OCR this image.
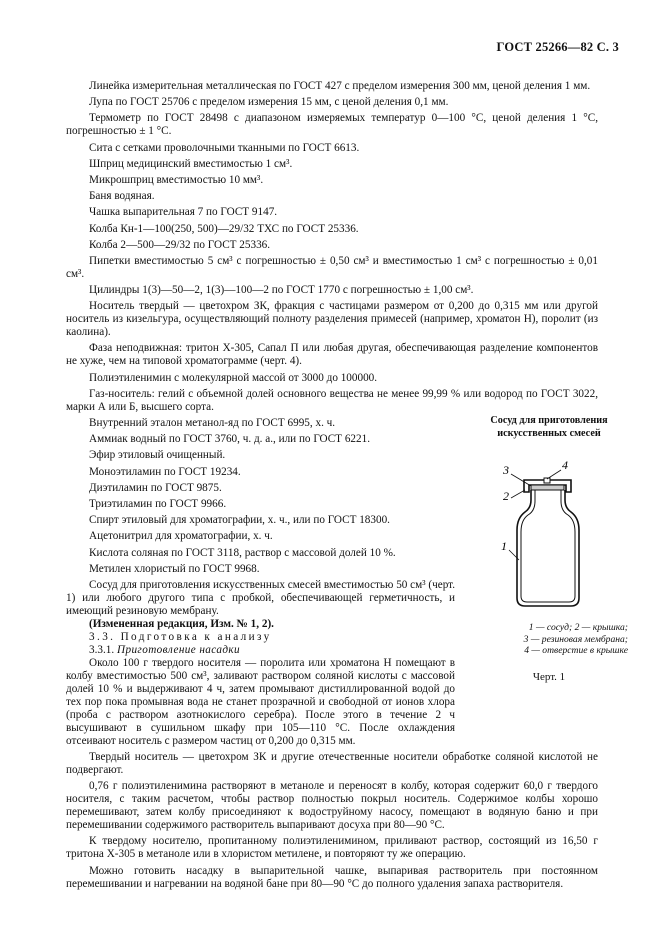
ГОСТ 25266—82 С. 3

Линейка измерительная металлическая по ГОСТ 427 с пределом измерения 300 мм, ценой деления 1 мм.

Лупа по ГОСТ 25706 с пределом измерения 15 мм, с ценой деления 0,1 мм.

Термометр по ГОСТ 28498 с диапазоном измеряемых температур 0—100 °С, ценой деления 1 °С, погрешностью ± 1 °С.

Сита с сетками проволочными тканными по ГОСТ 6613.

Шприц медицинский вместимостью 1 см³.

Микрошприц вместимостью 10 мм³.

Баня водяная.

Чашка выпарительная 7 по ГОСТ 9147.

Колба Кн-1—100(250, 500)—29/32 ТХС по ГОСТ 25336.

Колба 2—500—29/32 по ГОСТ 25336.

Пипетки вместимостью 5 см³ с погрешностью ± 0,50 см³ и вместимостью 1 см³ с погрешностью ± 0,01 см³.

Цилиндры 1(3)—50—2, 1(3)—100—2 по ГОСТ 1770 с погрешностью ± 1,00 см³.

Носитель твердый — цветохром ЗК, фракция с частицами размером от 0,200 до 0,315 мм или другой носитель из кизельгура, осуществляющий полноту разделения примесей (например, хроматон Н), поролит (из каолина).

Фаза неподвижная: тритон Х-305, Сапал П или любая другая, обеспечивающая разделение компонентов не хуже, чем на типовой хроматограмме (черт. 4).

Полиэтиленимин с молекулярной массой от 3000 до 100000.

Газ-носитель: гелий с объемной долей основного вещества не менее 99,99 % или водород по ГОСТ 3022, марки А или Б, высшего сорта.

Внутренний эталон метанол-яд по ГОСТ 6995, х. ч.

Аммиак водный по ГОСТ 3760, ч. д. а., или по ГОСТ 6221.

Эфир этиловый очищенный.

Моноэтиламин по ГОСТ 19234.

Диэтиламин по ГОСТ 9875.

Триэтиламин по ГОСТ 9966.

Спирт этиловый для хроматографии, х. ч., или по ГОСТ 18300.

Ацетонитрил для хроматографии, х. ч.

Кислота соляная по ГОСТ 3118, раствор с массовой долей 10 %.

Метилен хлористый по ГОСТ 9968.

Сосуд для приготовления искусственных смесей вместимостью 50 см³ (черт. 1) или любого другого типа с пробкой, обеспечивающей герметичность, и имеющий резиновую мембрану.

(Измененная редакция, Изм. № 1, 2).

3.3. Подготовка к анализу

3.3.1. Приготовление насадки

Около 100 г твердого носителя — поролита или хроматона Н помещают в колбу вместимостью 500 см³, заливают раствором соляной кислоты с массовой долей 10 % и выдерживают 4 ч, затем промывают дистиллированной водой до тех пор пока промывная вода не станет прозрачной и свободной от ионов хлора (проба с раствором азотнокислого серебра). После этого в течение 2 ч высушивают в сушильном шкафу при 105—110 °С. После охлаждения отсеивают носитель с размером частиц от 0,200 до 0,315 мм.

Твердый носитель — цветохром ЗК и другие отечественные носители обработке соляной кислотой не подвергают.

0,76 г полиэтиленимина растворяют в метаноле и переносят в колбу, которая содержит 60,0 г твердого носителя, с таким расчетом, чтобы раствор полностью покрыл носитель. Содержимое колбы хорошо перемешивают, затем колбу присоединяют к водоструйному насосу, помещают в водяную баню и при перемешивании содержимого растворитель выпаривают досуха при 80—90 °С.

К твердому носителю, пропитанному полиэтиленимином, приливают раствор, состоящий из 16,50 г тритона Х-305 в метаноле или в хлористом метилене, и повторяют ту же операцию.

Можно готовить насадку в выпарительной чашке, выпаривая растворитель при постоянном перемешивании и нагревании на водяной бане при 80—90 °С до полного удаления запаха растворителя.

Сосуд для приготовления искусственных смесей
3	4
2
1
1 — сосуд; 2 — крышка;
3 — резиновая мембрана;
4 — отверстие в крышке
Черт. 1
